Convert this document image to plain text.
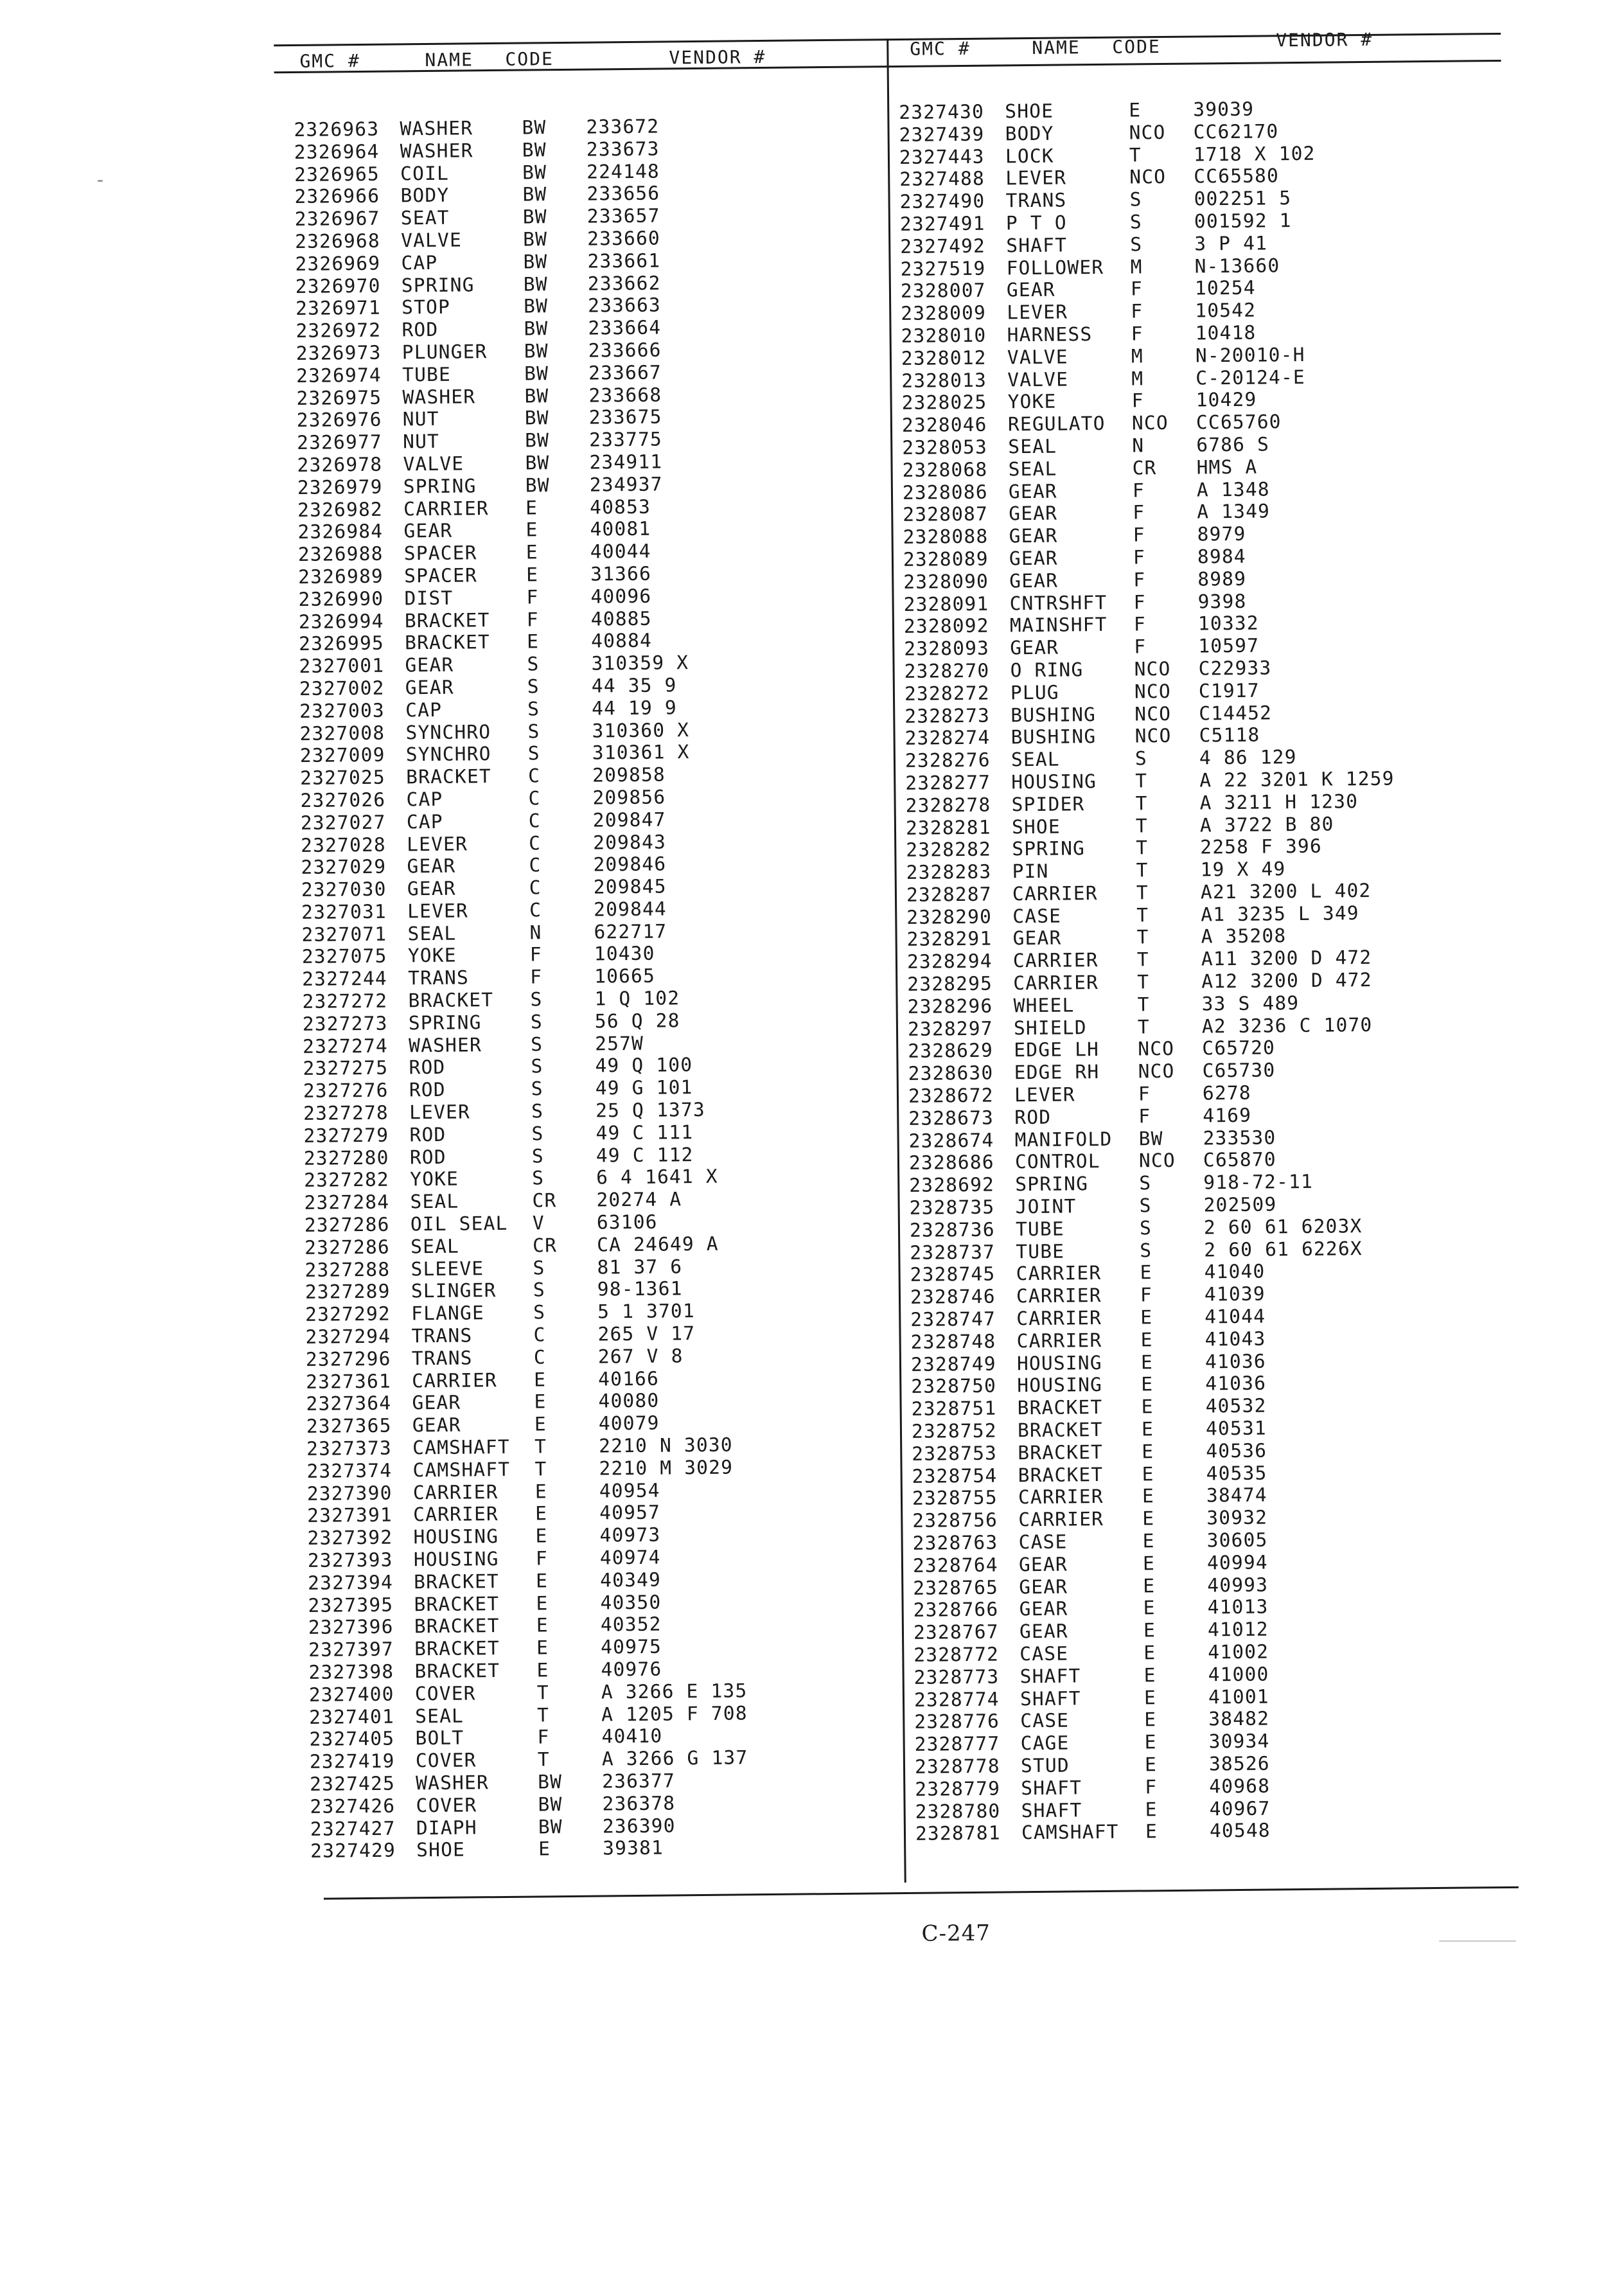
GMC #	NAME CODE	VENDOR #	GMC #	NAME CODE	VENDOR #
2326963 WASHER	BW 233672
2326964 WASHER	BW 233673
2326965 COIL	BW 224148
2326966 BODY	BW 233656
2326967 SEAT	BW 233657
2326968 VALVE	BW 233660
2326969 CAP	BW 233661
2326970 SPRING	BW 233662
2326971 STOP	BW 233663
2326972 ROD	BW 233664
2326973 PLUNGER BW 233666
2326974 TUBE	BW 233667
2326975 WASHER	BW 233668
2326976 NUT	BW 233675
2326977 NUT	BW 233775
2326978 VALVE	BW 234911
2326979 SPRING	BW 234937
2326982 CARRIER E	40853
2326984 GEAR	E	40081
2326988 SPACER	E	40044
2326989 SPACER	E	31366
2326990 DIST	F	40096
2326994 BRACKET F	40885
2326995 BRACKET E	40884
2327001 GEAR	S	310359 X
2327002 GEAR	S	44 35 9
2327003 CAP	S	44 19 9
2327008 SYNCHRO S	310360 X
2327009 SYNCHRO S	310361 X
2327025 BRACKET C	209858
2327026 CAP	C	209856
2327027 CAP	C	209847
2327028 LEVER	C	209843
2327029 GEAR	C	209846
2327030 GEAR	C	209845
2327031 LEVER	C	209844
2327071 SEAL	N	622717
2327075 YOKE	F	10430
2327244 TRANS	F	10665
2327272 BRACKET S	1 Q 102
2327273 SPRING	S	56 Q 28
2327274 WASHER	S	257W
2327275 ROD	S	49 Q 100
2327276 ROD	S	49 G 101
2327278 LEVER	S	25 Q 1373
2327279 ROD	S	49 C 111
2327280 ROD	S	49 C 112
2327282 YOKE	S	6 4 1641 X
2327284 SEAL	CR 20274 A
2327286 OIL SEAL V	63106
2327286 SEAL	CR CA 24649 A
2327288 SLEEVE	S	81 37 6
2327289 SLINGER S	98-1361
2327292 FLANGE	S	5 1 3701
2327294 TRANS	C	265 V 17
2327296 TRANS	C	267 V 8
2327361 CARRIER E	40166
2327364 GEAR	E	40080
2327365 GEAR	E	40079
2327373 CAMSHAFT T	2210 N 3030
2327374 CAMSHAFT T	2210 M 3029
2327390 CARRIER E	40954
2327391 CARRIER E	40957
2327392 HOUSING E	40973
2327393 HOUSING F	40974
2327394 BRACKET E	40349
2327395 BRACKET E	40350
2327396 BRACKET E	40352
2327397 BRACKET E	40975
2327398 BRACKET E	40976
2327400 COVER	T	A 3266 E 135
2327401 SEAL	T	A 1205 F 708
2327405 BOLT	F	40410
2327419 COVER	T	A 3266 G 137
2327425 WASHER	BW 236377
2327426 COVER	BW 236378
2327427 DIAPH	BW 236390
2327429 SHOE	E	39381
2327430 SHOE	E	39039
2327439 BODY	NCO CC62170
2327443 LOCK	T	1718 X 102
2327488 LEVER	NCO CC65580
2327490 TRANS	S	002251 5
2327491 P T O	S	001592 1
2327492 SHAFT	S	3 P 41
2327519 FOLLOWER M	N-13660
2328007 GEAR	F	10254
2328009 LEVER	F	10542
2328010 HARNESS F	10418
2328012 VALVE	M	N-20010-H
2328013 VALVE	M	C-20124-E
2328025 YOKE	F	10429
2328046 REGULATO NCO CC65760
2328053 SEAL	N	6786 S
2328068 SEAL	CR HMS A
2328086 GEAR	F	A 1348
2328087 GEAR	F	A 1349
2328088 GEAR	F	8979
2328089 GEAR	F	8984
2328090 GEAR	F	8989
2328091 CNTRSHFT F	9398
2328092 MAINSHFT F	10332
2328093 GEAR	F	10597
2328270 O RING	NCO C22933
2328272 PLUG	NCO C1917
2328273 BUSHING NCO C14452
2328274 BUSHING NCO C5118
2328276 SEAL	S	4 86 129
2328277 HOUSING T	A 22 3201 K 1259
2328278 SPIDER	T	A 3211 H 1230
2328281 SHOE	T	A 3722 B 80
2328282 SPRING	T	2258 F 396
2328283 PIN	T	19 X 49
2328287 CARRIER T	A21 3200 L 402
2328290 CASE	T	A1 3235 L 349
2328291 GEAR	T	A 35208
2328294 CARRIER T	A11 3200 D 472
2328295 CARRIER T	A12 3200 D 472
2328296 WHEEL	T	33 S 489
2328297 SHIELD	T	A2 3236 C 1070
2328629 EDGE LH NCO C65720
2328630 EDGE RH NCO C65730
2328672 LEVER	F	6278
2328673 ROD	F	4169
2328674 MANIFOLD BW 233530
2328686 CONTROL NCO C65870
2328692 SPRING	S	918-72-11
2328735 JOINT	S	202509
2328736 TUBE	S	2 60 61 6203X
2328737 TUBE	S	2 60 61 6226X
2328745 CARRIER E	41040
2328746 CARRIER F	41039
2328747 CARRIER E	41044
2328748 CARRIER E	41043
2328749 HOUSING E	41036
2328750 HOUSING E	41036
2328751 BRACKET E	40532
2328752 BRACKET E	40531
2328753 BRACKET E	40536
2328754 BRACKET E	40535
2328755 CARRIER E	38474
2328756 CARRIER E	30932
2328763 CASE	E	30605
2328764 GEAR	E	40994
2328765 GEAR	E	40993
2328766 GEAR	E	41013
2328767 GEAR	E	41012
2328772 CASE	E	41002
2328773 SHAFT	E	41000
2328774 SHAFT	E	41001
2328776 CASE	E	38482
2328777 CAGE	E	30934
2328778 STUD	E	38526
2328779 SHAFT	F	40968
2328780 SHAFT	E	40967
2328781 CAMSHAFT E	40548
C-247
